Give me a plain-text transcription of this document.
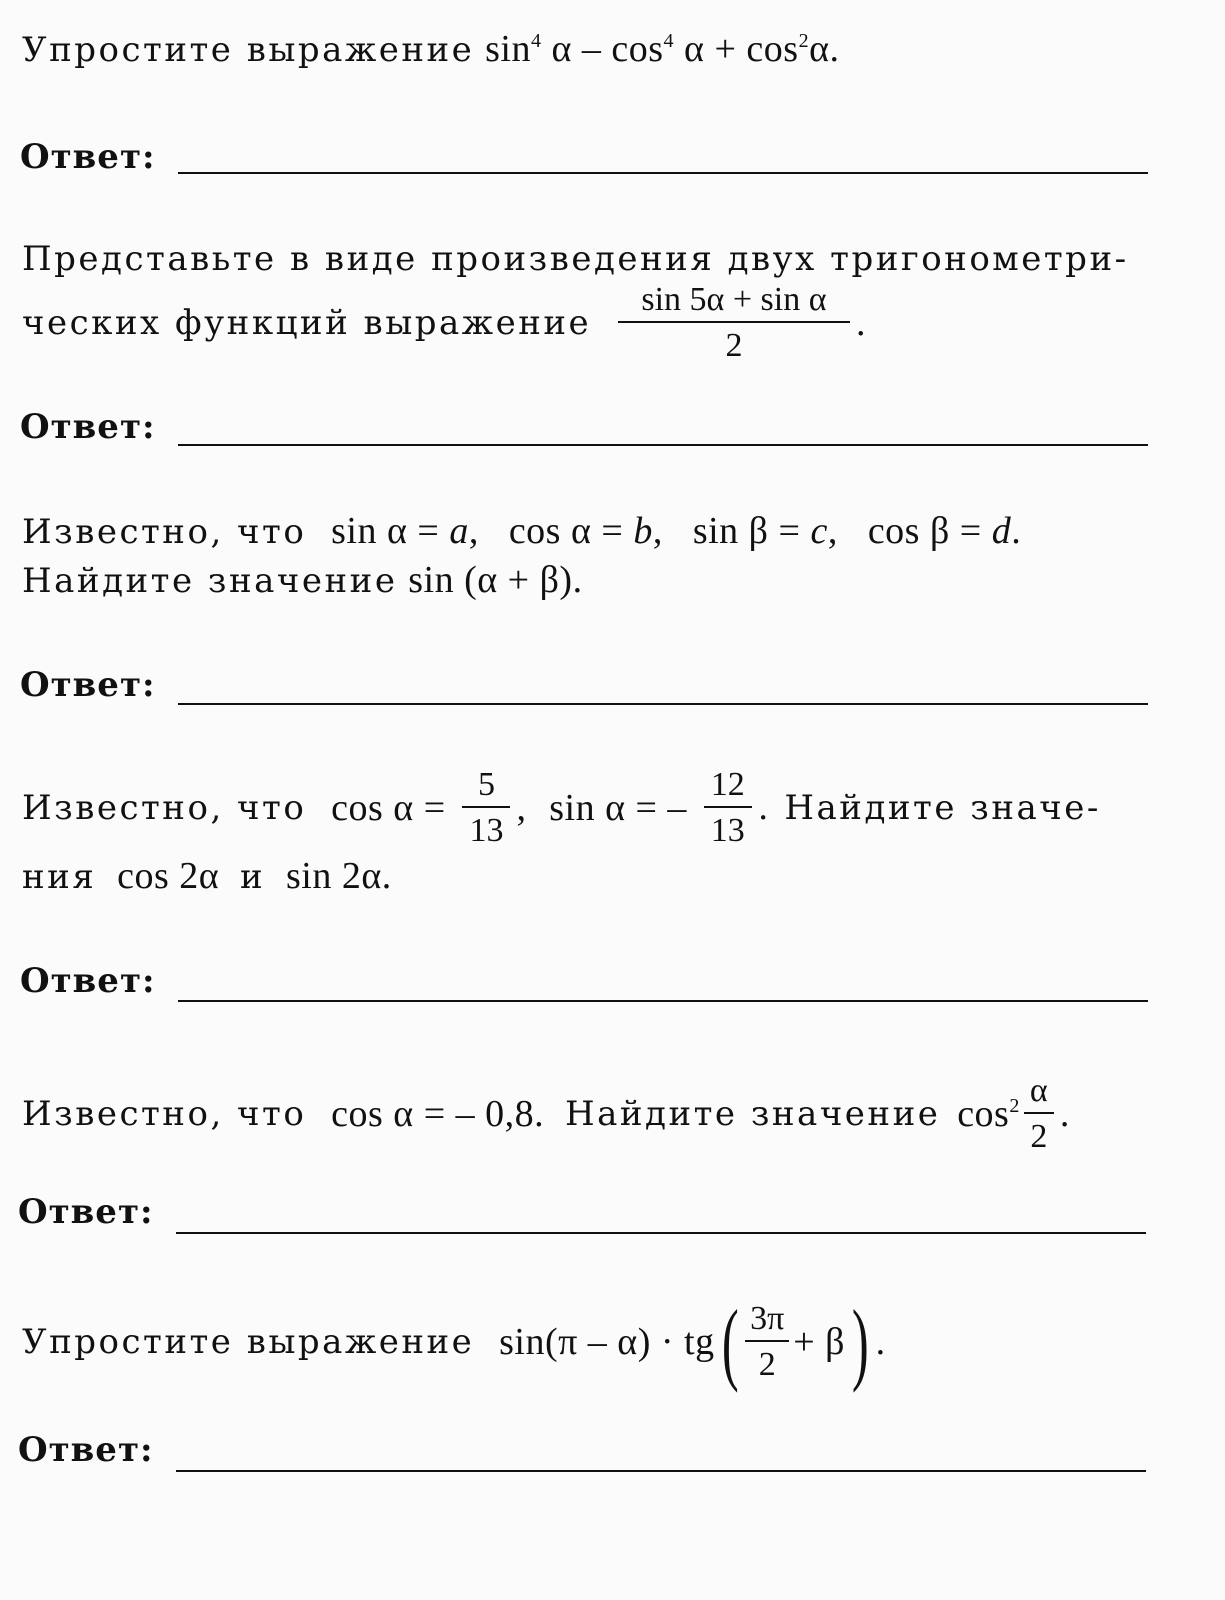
Упростите выражение $\sin^4 \alpha - \cos^4 \alpha + \cos^2\alpha$.
Ответ:
Представьте в виде произведения двух тригонометри-
ческих функций выражение $\frac{\text{sin 5α + sin α}}{2}$ .
Ответ:
Известно, что sin α = a, cos α = b, sin β = c, cos β = d.
Найдите значение sin (α + β).
Ответ:
Известно, что $\cos \alpha = \frac{5}{13}$ , sin α = – $\frac{12}{13}$ . Найдите значе-
ния cos 2α и sin 2α.
Ответ:
Известно, что cos α = – 0,8. Найдите значение $\cos^2 \frac{\alpha}{2}$ .
Ответ:
Упростите выражение $\sin(\pi - \alpha) \cdot tg( \frac{3\pi}{2} + \beta)$ .
Ответ:
